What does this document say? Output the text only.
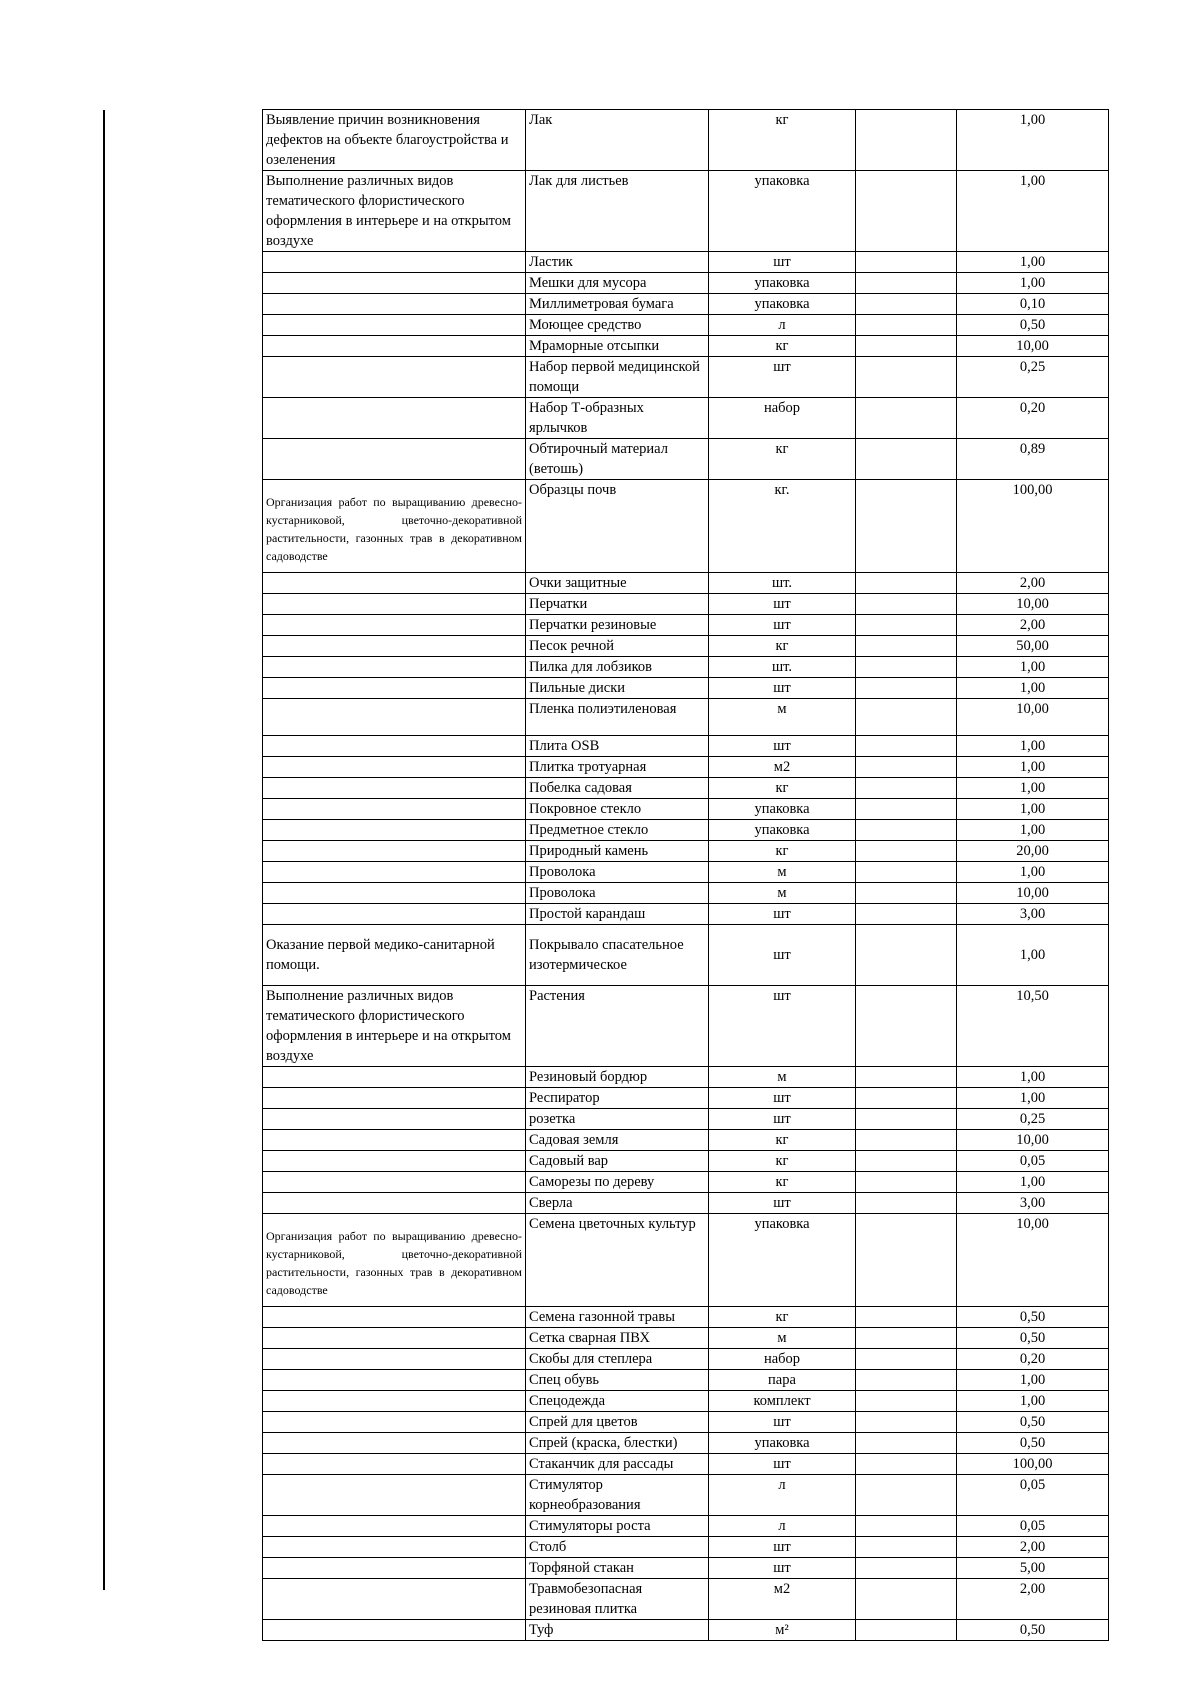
Выявление причин возникновения дефектов на объекте благоустройства и озеленения	Лак	кг		1,00
Выполнение различных видов тематического флористического оформления в интерьере и на открытом воздухе	Лак для листьев	упаковка		1,00
	Ластик	шт		1,00
	Мешки для мусора	упаковка		1,00
	Миллиметровая бумага	упаковка		0,10
	Моющее средство	л		0,50
	Мраморные отсыпки	кг		10,00
	Набор первой медицинской помощи	шт		0,25
	Набор Т-образных ярлычков	набор		0,20
	Обтирочный материал (ветошь)	кг		0,89
Организация работ по выращиванию древесно-кустарниковой, цветочно-декоративной растительности, газонных трав в декоративном садоводстве	Образцы почв	кг.		100,00
	Очки защитные	шт.		2,00
	Перчатки	шт		10,00
	Перчатки резиновые	шт		2,00
	Песок речной	кг		50,00
	Пилка для лобзиков	шт.		1,00
	Пильные диски	шт		1,00
	Пленка полиэтиленовая	м		10,00
	Плита OSB	шт		1,00
	Плитка тротуарная	м2		1,00
	Побелка садовая	кг		1,00
	Покровное стекло	упаковка		1,00
	Предметное стекло	упаковка		1,00
	Природный камень	кг		20,00
	Проволока	м		1,00
	Проволока	м		10,00
	Простой карандаш	шт		3,00
Оказание первой медико-санитарной помощи.	Покрывало спасательное изотермическое	шт		1,00
Выполнение различных видов тематического флористического оформления в интерьере и на открытом воздухе	Растения	шт		10,50
	Резиновый бордюр	м		1,00
	Респиратор	шт		1,00
	розетка	шт		0,25
	Садовая земля	кг		10,00
	Садовый вар	кг		0,05
	Саморезы по дереву	кг		1,00
	Сверла	шт		3,00
Организация работ по выращиванию древесно-кустарниковой, цветочно-декоративной растительности, газонных трав в декоративном садоводстве	Семена цветочных культур	упаковка		10,00
	Семена газонной травы	кг		0,50
	Сетка сварная ПВХ	м		0,50
	Скобы для степлера	набор		0,20
	Спец обувь	пара		1,00
	Спецодежда	комплект		1,00
	Спрей для цветов	шт		0,50
	Спрей (краска, блестки)	упаковка		0,50
	Стаканчик для рассады	шт		100,00
	Стимулятор корнеобразования	л		0,05
	Стимуляторы роста	л		0,05
	Столб	шт		2,00
	Торфяной стакан	шт		5,00
	Травмобезопасная резиновая плитка	м2		2,00
	Туф	м²		0,50
